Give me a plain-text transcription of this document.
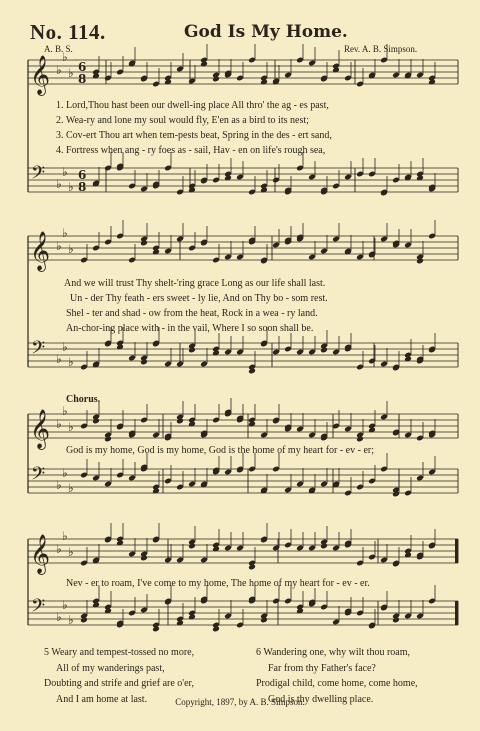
No. 114.	God Is My Home.
A. B. S.	Rev. A. B. Simpson.
𝄞
𝄢
♭
♭
♭
♭
♭
♭
6
8
6
8
𝄞
𝄢
♭
♭
♭
♭
♭
♭
𝄞
𝄢
♭
♭
♭
♭
♭
♭
𝄞
𝄢
♭
♭
♭
♭
♭
♭
1. Lord,Thou hast been our dwell-ing place All thro' the ag - es past,
2. Wea-ry and lone my soul would fly, E'en as a bird to its nest;
3. Cov-ert Thou art when tem-pests beat, Spring in the des - ert sand,
4. Fortress when ang - ry foes as - sail, Hav - en on life's rough sea,
And we will trust Thy shelt-'ring grace Long as our life shall last.
Un - der Thy feath - ers sweet - ly lie, And on Thy bo - som rest.
Shel - ter and shad - ow from the heat, Rock in a wea - ry land.
An-chor-ing place with - in the vail, Where I so soon shall be.
Chorus.
God is my home, God is my home, God is the home of my heart for - ev - er;
Nev - er to roam, I've come to my home, The home of my heart for - ev - er.
5 Weary and tempest-tossed no more,
All of my wanderings past,
Doubting and strife and grief are o'er,
And I am home at last.
6 Wandering one, why wilt thou roam,
Far from thy Father's face?
Prodigal child, come home, come home,
God is thy dwelling place.
Copyright, 1897, by A. B. Simpson.
